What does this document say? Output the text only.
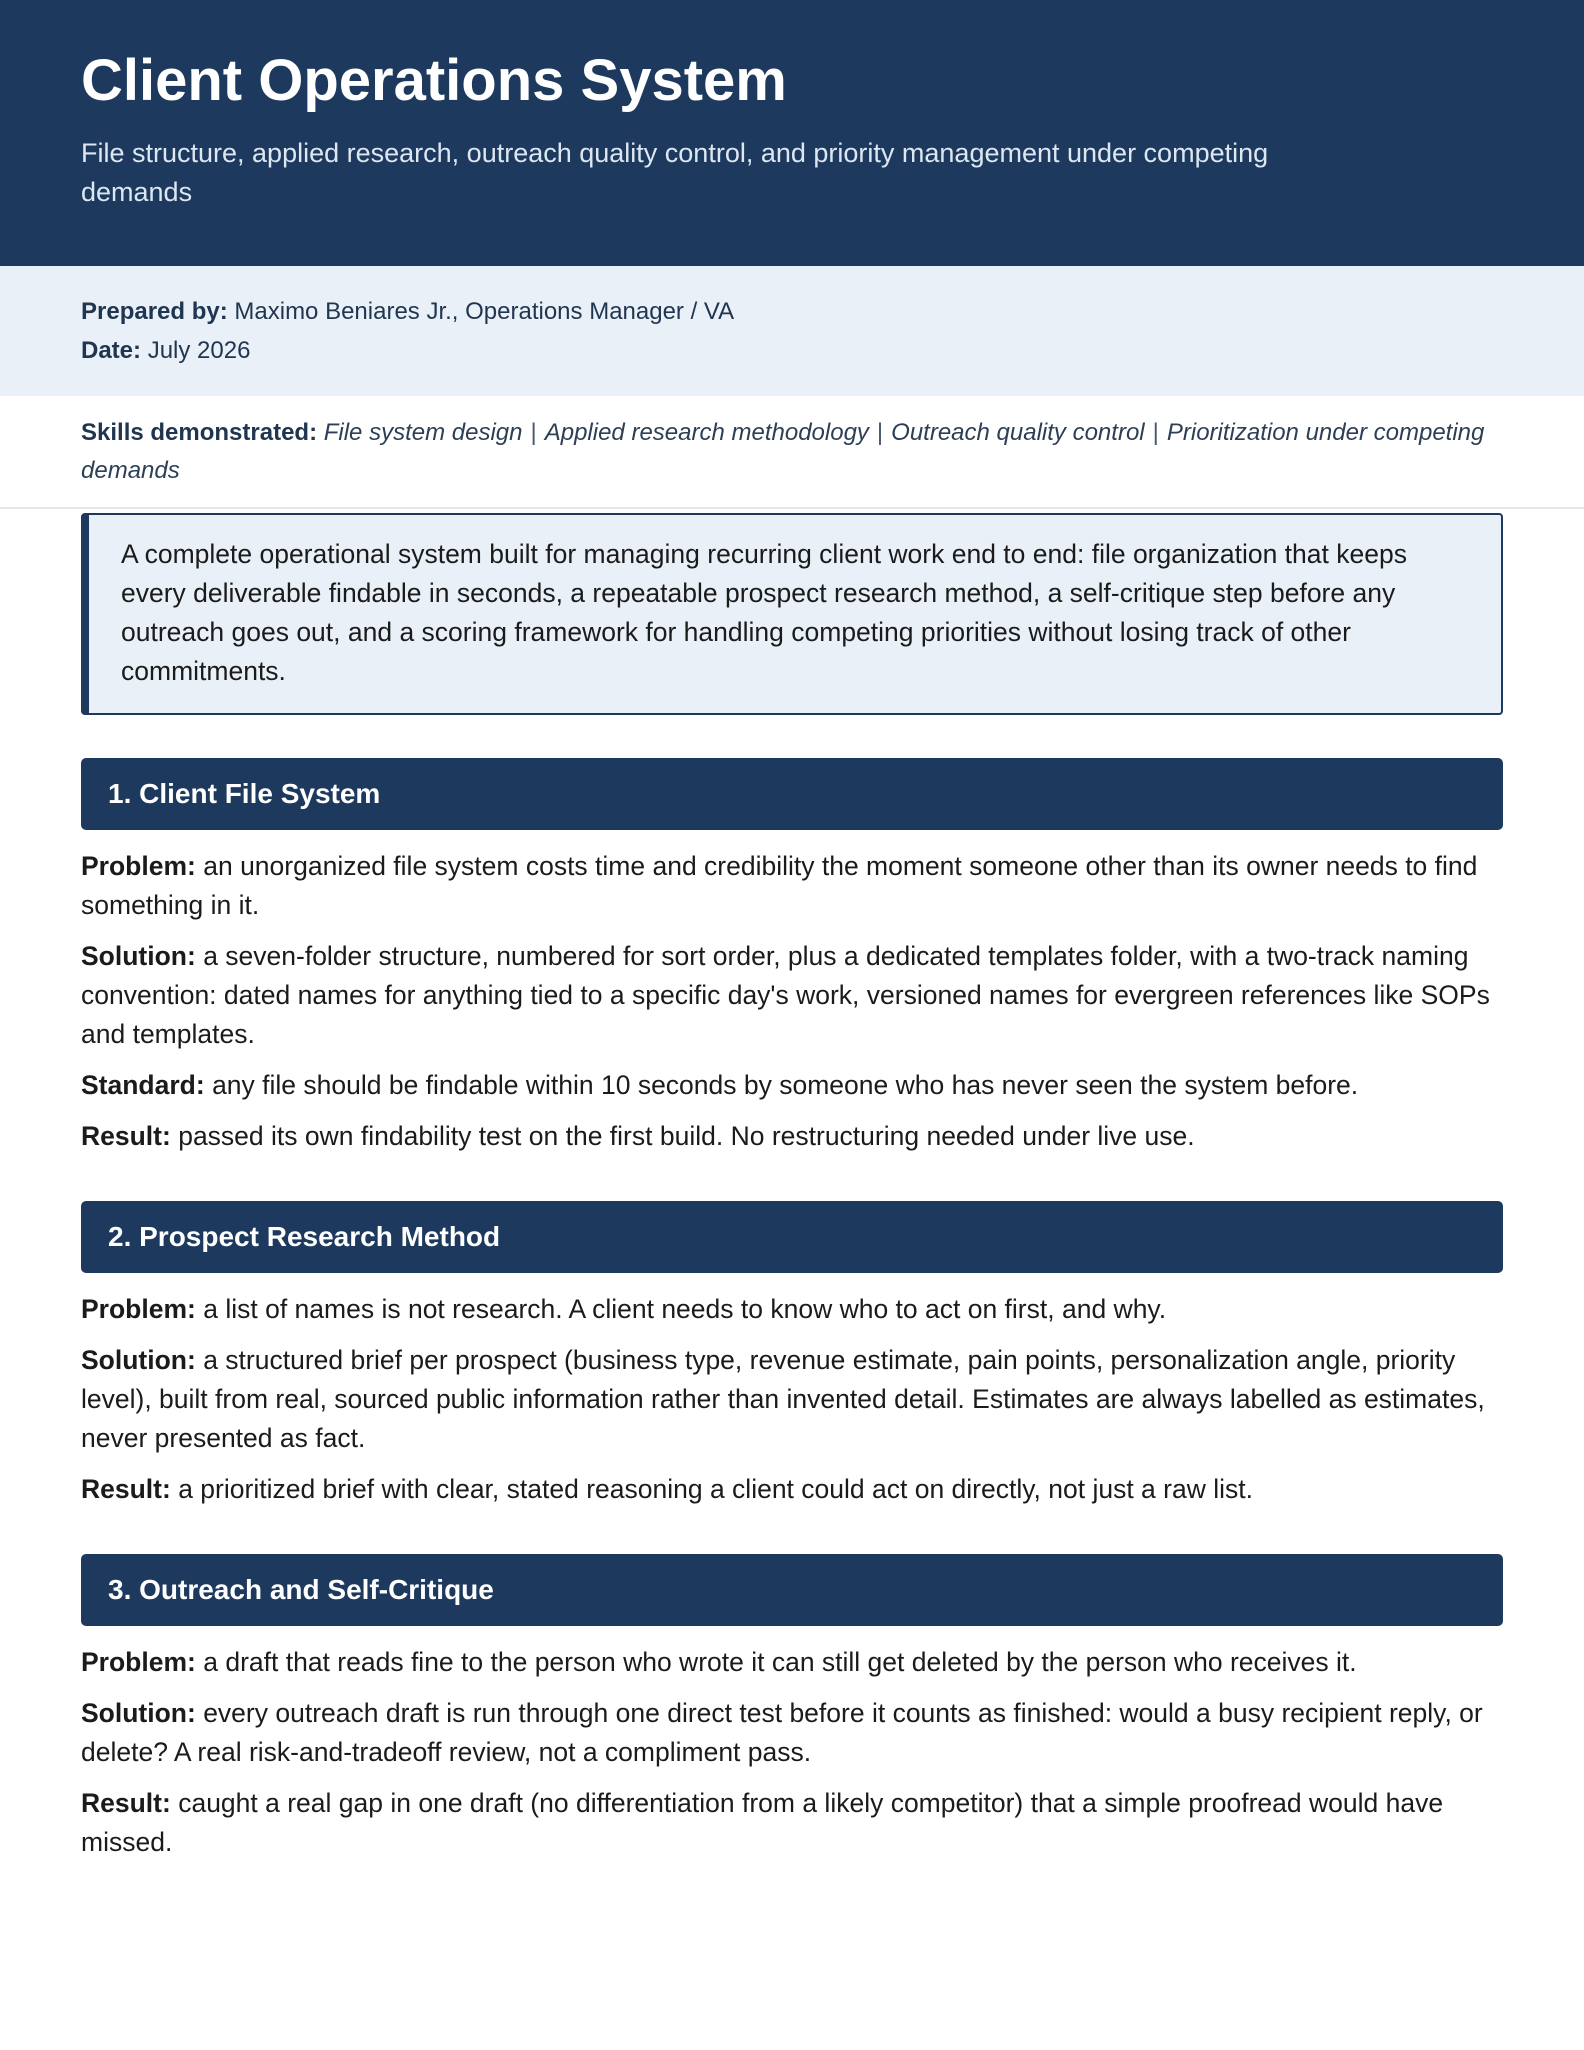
Client Operations System
File structure, applied research, outreach quality control, and priority management under competing demands
Prepared by: Maximo Beniares Jr., Operations Manager / VA
Date: July 2026
Skills demonstrated: File system design | Applied research methodology | Outreach quality control | Prioritization under competing demands
A complete operational system built for managing recurring client work end to end: file organization that keeps every deliverable findable in seconds, a repeatable prospect research method, a self-critique step before any outreach goes out, and a scoring framework for handling competing priorities without losing track of other commitments.
1. Client File System

Problem: an unorganized file system costs time and credibility the moment someone other than its owner needs to find something in it.

Solution: a seven-folder structure, numbered for sort order, plus a dedicated templates folder, with a two-track naming convention: dated names for anything tied to a specific day's work, versioned names for evergreen references like SOPs and templates.

Standard: any file should be findable within 10 seconds by someone who has never seen the system before.

Result: passed its own findability test on the first build. No restructuring needed under live use.

2. Prospect Research Method

Problem: a list of names is not research. A client needs to know who to act on first, and why.

Solution: a structured brief per prospect (business type, revenue estimate, pain points, personalization angle, priority level), built from real, sourced public information rather than invented detail. Estimates are always labelled as estimates, never presented as fact.

Result: a prioritized brief with clear, stated reasoning a client could act on directly, not just a raw list.

3. Outreach and Self-Critique

Problem: a draft that reads fine to the person who wrote it can still get deleted by the person who receives it.

Solution: every outreach draft is run through one direct test before it counts as finished: would a busy recipient reply, or delete? A real risk-and-tradeoff review, not a compliment pass.

Result: caught a real gap in one draft (no differentiation from a likely competitor) that a simple proofread would have missed.
